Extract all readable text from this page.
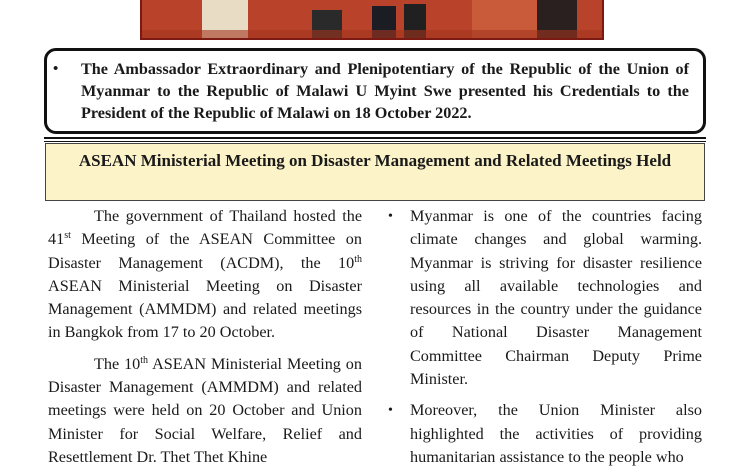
• The Ambassador Extraordinary and Plenipotentiary of the Republic of the Union of Myanmar to the Republic of Malawi U Myint Swe presented his Credentials to the President of the Republic of Malawi on 18 October 2022.
ASEAN Ministerial Meeting on Disaster Management and Related Meetings Held

The government of Thailand hosted the 41st Meeting of the ASEAN Committee on Disaster Management (ACDM), the 10th ASEAN Ministerial Meeting on Disaster Management (AMMDM) and related meetings in Bangkok from 17 to 20 October.

The 10th ASEAN Ministerial Meeting on Disaster Management (AMMDM) and related meetings were held on 20 October and Union Minister for Social Welfare, Relief and Resettlement Dr. Thet Thet Khine

• Myanmar is one of the countries facing climate changes and global warming. Myanmar is striving for disaster resilience using all available technologies and resources in the country under the guidance of National Disaster Management Committee Chairman Deputy Prime Minister.
• Moreover, the Union Minister also highlighted the activities of providing humanitarian assistance to the people who
